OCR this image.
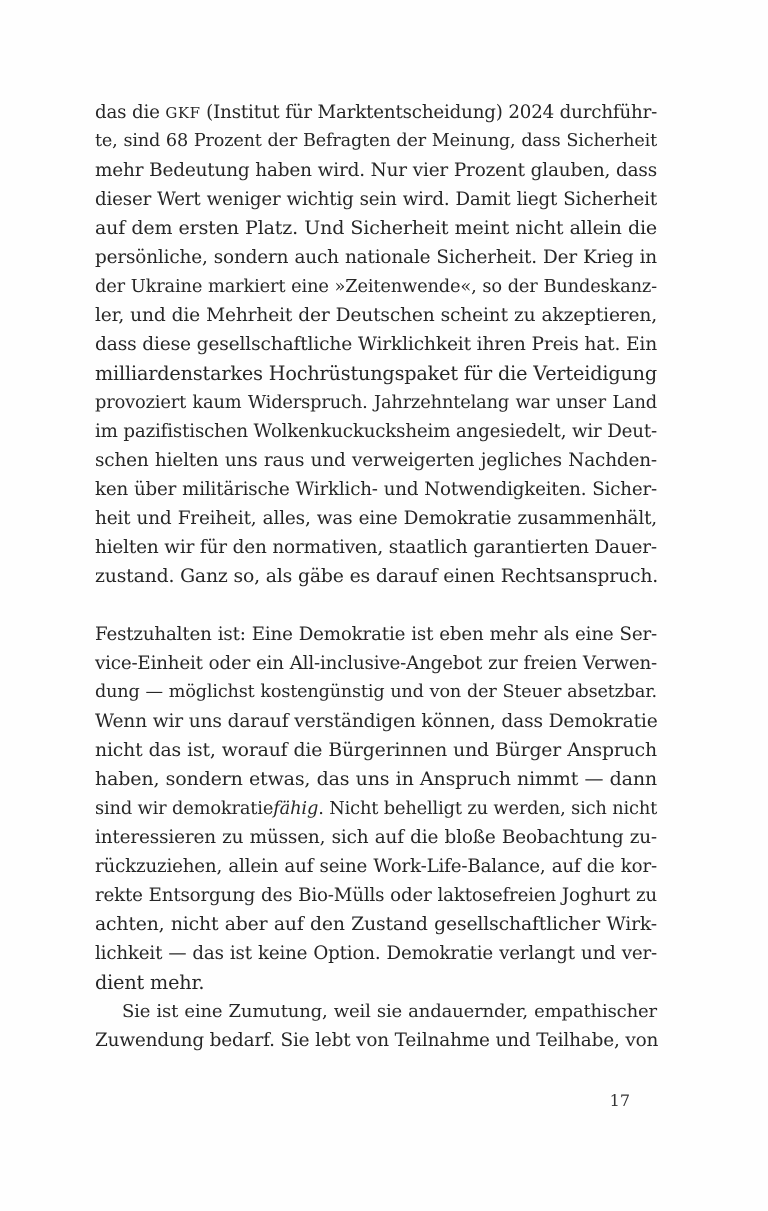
das die GKF (Institut für Marktentscheidung) 2024 durchführ-
te, sind 68 Prozent der Befragten der Meinung, dass Sicherheit
mehr Bedeutung haben wird. Nur vier Prozent glauben, dass
dieser Wert weniger wichtig sein wird. Damit liegt Sicherheit
auf dem ersten Platz. Und Sicherheit meint nicht allein die
persönliche, sondern auch nationale Sicherheit. Der Krieg in
der Ukraine markiert eine »Zeitenwende«, so der Bundeskanz-
ler, und die Mehrheit der Deutschen scheint zu akzeptieren,
dass diese gesellschaftliche Wirklichkeit ihren Preis hat. Ein
milliardenstarkes Hochrüstungspaket für die Verteidigung
provoziert kaum Widerspruch. Jahrzehntelang war unser Land
im pazifistischen Wolkenkuckucksheim angesiedelt, wir Deut-
schen hielten uns raus und verweigerten jegliches Nachden-
ken über militärische Wirklich- und Notwendigkeiten. Sicher-
heit und Freiheit, alles, was eine Demokratie zusammenhält,
hielten wir für den normativen, staatlich garantierten Dauer-
zustand. Ganz so, als gäbe es darauf einen Rechtsanspruch.
Festzuhalten ist: Eine Demokratie ist eben mehr als eine Ser-
vice-Einheit oder ein All-inclusive-Angebot zur freien Verwen-
dung — möglichst kostengünstig und von der Steuer absetzbar.
Wenn wir uns darauf verständigen können, dass Demokratie
nicht das ist, worauf die Bürgerinnen und Bürger Anspruch
haben, sondern etwas, das uns in Anspruch nimmt — dann
sind wir demokratiefähig. Nicht behelligt zu werden, sich nicht
interessieren zu müssen, sich auf die bloße Beobachtung zu-
rückzuziehen, allein auf seine Work-Life-Balance, auf die kor-
rekte Entsorgung des Bio-Mülls oder laktosefreien Joghurt zu
achten, nicht aber auf den Zustand gesellschaftlicher Wirk-
lichkeit — das ist keine Option. Demokratie verlangt und ver-
dient mehr.
Sie ist eine Zumutung, weil sie andauernder, empathischer
Zuwendung bedarf. Sie lebt von Teilnahme und Teilhabe, von
17
